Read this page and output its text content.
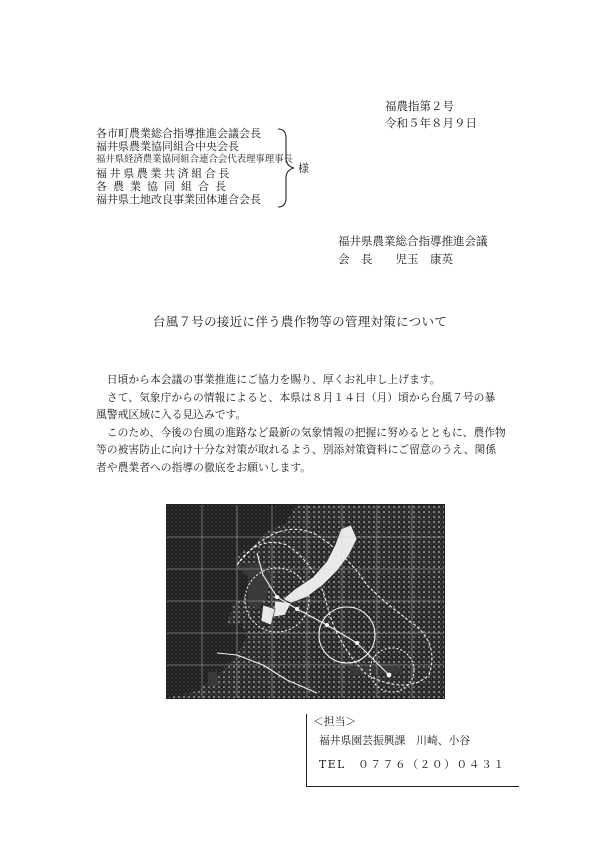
福農指第２号
令和５年８月９日
各市町農業総合指導推進会議会長
福井県農業協同組合中央会長
福井県経済農業協同組合連合会代表理事理事長
福井県農業共済組合長
各農業協同組合長
福井県土地改良事業団体連合会長
様
福井県農業総合指導推進会議
会　長　　児玉　康英
台風７号の接近に伴う農作物等の管理対策について

日頃から本会議の事業推進にご協力を賜り、厚くお礼申し上げます。

さて、気象庁からの情報によると、本県は８月１４日（月）頃から台風７号の暴風警戒区域に入る見込みです。

このため、今後の台風の進路など最新の気象情報の把握に努めるとともに、農作物等の被害防止に向け十分な対策が取れるよう、別添対策資料にご留意のうえ、関係者や農業者への指導の徹底をお願いします。

＜担当＞
福井県園芸振興課　川崎、小谷
TEL　０７７６（２０）０４３１
